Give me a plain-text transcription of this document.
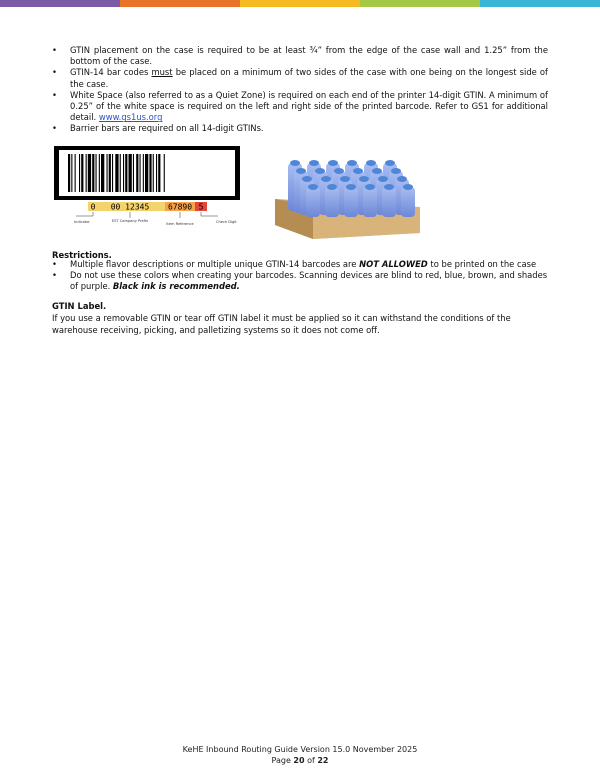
• GTIN placement on the case is required to be at least ¾” from the edge of the case wall and 1.25” from the bottom of the case.
• GTIN-14 bar codes must be placed on a minimum of two sides of the case with one being on the longest side of the case.
• White Space (also referred to as a Quiet Zone) is required on each end of the printer 14-digit GTIN. A minimum of 0.25” of the white space is required on the left and right side of the printed barcode. Refer to GS1 for additional detail. www.gs1us.org
• Barrier bars are required on all 14-digit GTINs.
0 00 12345 67890 5
Indicator	EST Company Prefix
Item Reference	Check Digit
Restrictions.
• Multiple flavor descriptions or multiple unique GTIN-14 barcodes are NOT ALLOWED to be printed on the case
• Do not use these colors when creating your barcodes. Scanning devices are blind to red, blue, brown, and shades of purple. Black ink is recommended.
GTIN Label.

If you use a removable GTIN or tear off GTIN label it must be applied so it can withstand the conditions of the warehouse receiving, picking, and palletizing systems so it does not come off.

KeHE Inbound Routing Guide Version 15.0 November 2025
Page 20 of 22
